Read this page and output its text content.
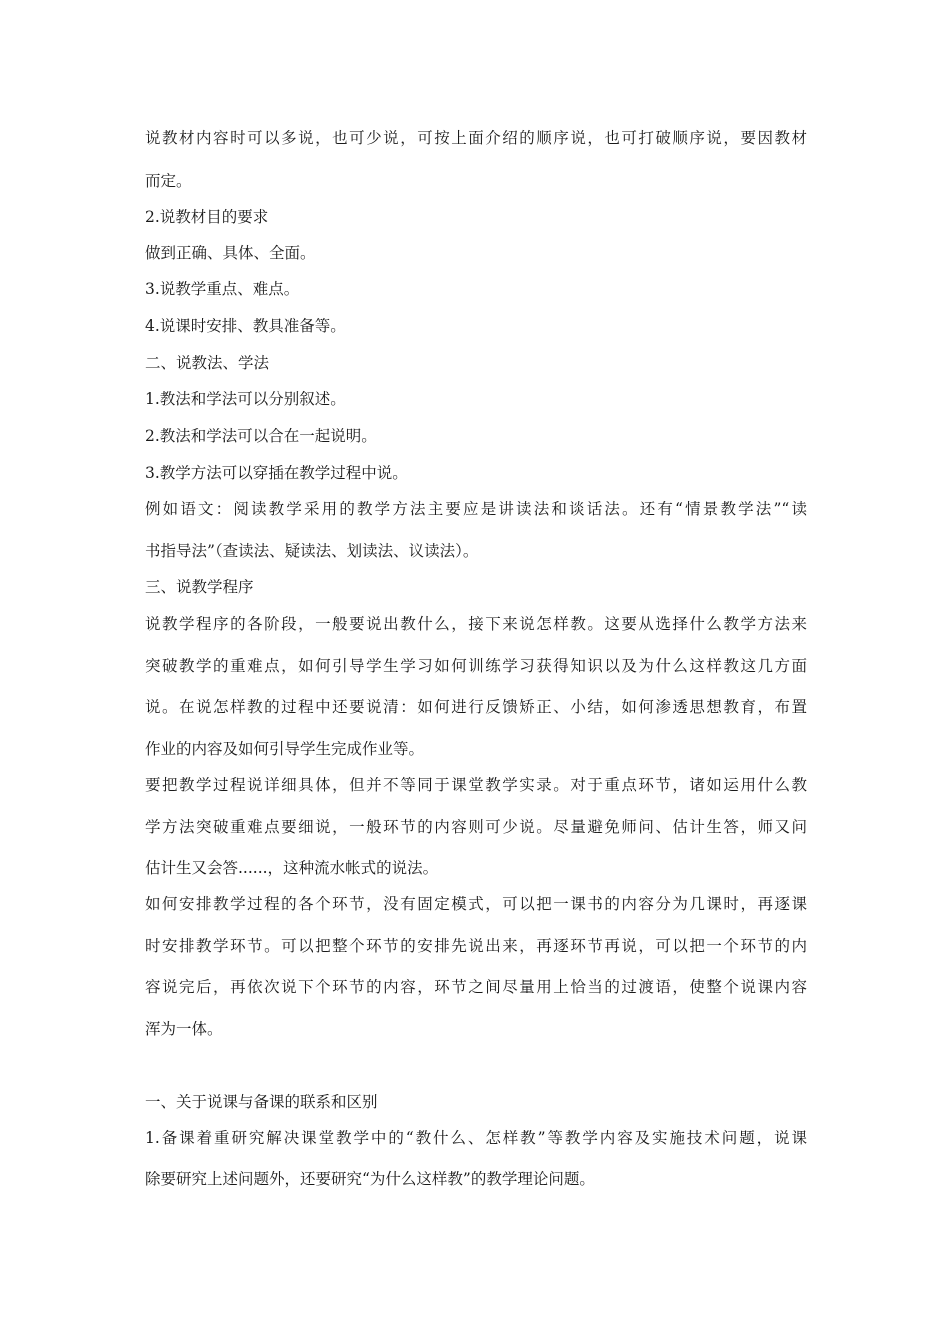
说教材内容时可以多说，也可少说，可按上面介绍的顺序说，也可打破顺序说，要因教材
而定。
2.说教材目的要求
做到正确、具体、全面。
3.说教学重点、难点。
4.说课时安排、教具准备等。
二、说教法、学法
1.教法和学法可以分别叙述。
2.教法和学法可以合在一起说明。
3.教学方法可以穿插在教学过程中说。
例如语文：阅读教学采用的教学方法主要应是讲读法和谈话法。还有“情景教学法”“读
书指导法”（查读法、疑读法、划读法、议读法）。
三、说教学程序
说教学程序的各阶段，一般要说出教什么，接下来说怎样教。这要从选择什么教学方法来
突破教学的重难点，如何引导学生学习如何训练学习获得知识以及为什么这样教这几方面
说。在说怎样教的过程中还要说清：如何进行反馈矫正、小结，如何渗透思想教育，布置
作业的内容及如何引导学生完成作业等。
要把教学过程说详细具体，但并不等同于课堂教学实录。对于重点环节，诸如运用什么教
学方法突破重难点要细说，一般环节的内容则可少说。尽量避免师问、估计生答，师又问
估计生又会答......，这种流水帐式的说法。
如何安排教学过程的各个环节，没有固定模式，可以把一课书的内容分为几课时，再逐课
时安排教学环节。可以把整个环节的安排先说出来，再逐环节再说，可以把一个环节的内
容说完后，再依次说下个环节的内容，环节之间尽量用上恰当的过渡语，使整个说课内容
浑为一体。
一、关于说课与备课的联系和区别
1.备课着重研究解决课堂教学中的“教什么、怎样教”等教学内容及实施技术问题，说课
除要研究上述问题外，还要研究“为什么这样教”的教学理论问题。
